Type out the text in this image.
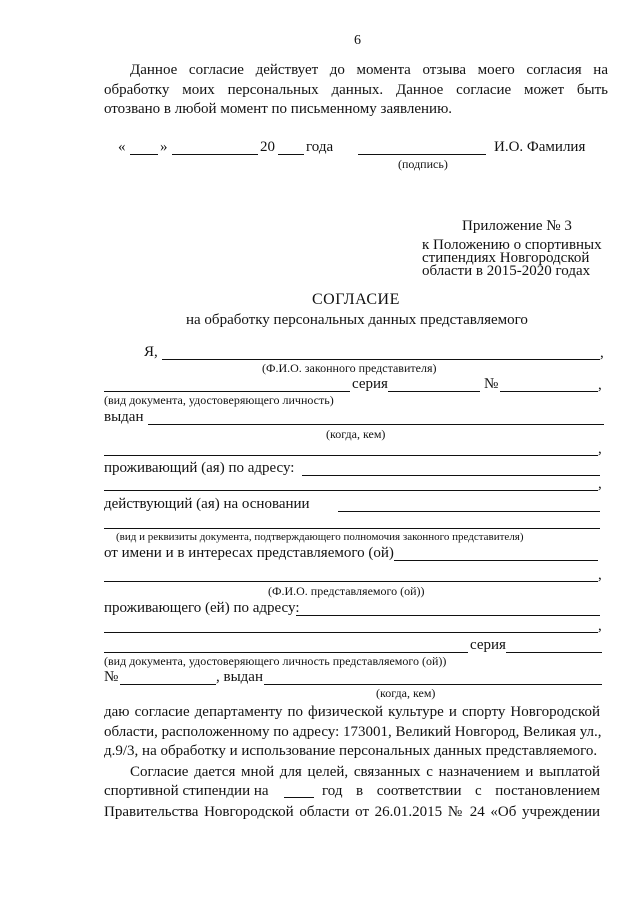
6
Данное согласие действует до момента отзыва моего согласия на
обработку моих персональных данных. Данное согласие может быть
отозвано в любой момент по письменному заявлению.
« »	20 года	И.О. Фамилия
(подпись)
Приложение № 3
к Положению о спортивных
стипендиях Новгородской
области в 2015-2020 годах
СОГЛАСИЕ
на обработку персональных данных представляемого
Я,	,
(Ф.И.О. законного представителя)
серия	№	,
(вид документа, удостоверяющего личность)
выдан
(когда, кем)
,
проживающий (ая) по адресу:
,
действующий (ая) на основании
(вид и реквизиты документа, подтверждающего полномочия законного представителя)
от имени и в интересах представляемого (ой)
,
(Ф.И.О. представляемого (ой))
проживающего (ей) по адресу:
,
серия
(вид документа, удостоверяющего личность представляемого (ой))
№	, выдан
(когда, кем)
даю согласие департаменту по физической культуре и спорту Новгородской
области, расположенному по адресу: 173001, Великий Новгород, Великая ул.,
д.9/3, на обработку и использование персональных данных представляемого.
Согласие дается мной для целей, связанных с назначением и выплатой
спортивной стипендии на	год в соответствии с постановлением
Правительства Новгородской области от 26.01.2015 № 24 «Об учреждении
